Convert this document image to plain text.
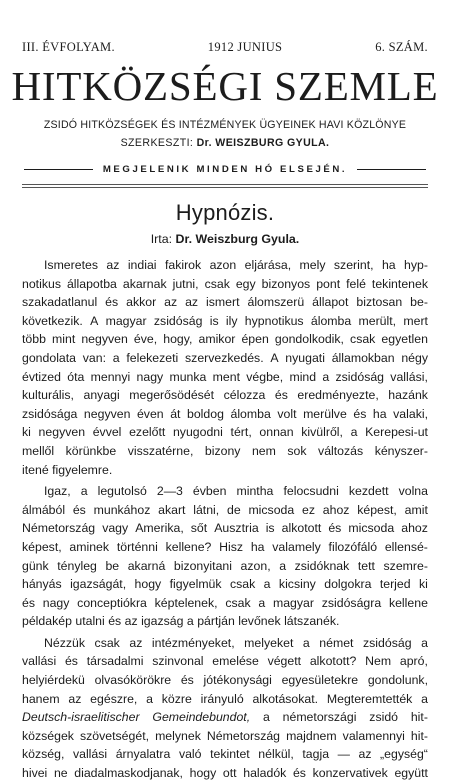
III. ÉVFOLYAM.	1912 JUNIUS	6. SZÁM.
HITKÖZSÉGI SZEMLE
ZSIDÓ HITKÖZSÉGEK ÉS INTÉZMÉNYEK ÜGYEINEK HAVI KÖZLÖNYE
SZERKESZTI: Dr. WEISZBURG GYULA.
MEGJELENIK MINDEN HÓ ELSEJÉN.
Hypnózis.
Irta: Dr. Weiszburg Gyula.
Ismeretes az indiai fakirok azon eljárása, mely szerint, ha hyp-
notikus állapotba akarnak jutni, csak egy bizonyos pont felé tekintenek
szakadatlanul és akkor az az ismert álomszerü állapot biztosan be-
következik. A magyar zsidóság is ily hypnotikus álomba merült, mert
több mint negyven éve, hogy, amikor épen gondolkodik, csak egyetlen
gondolata van: a felekezeti szervezkedés. A nyugati államokban négy
évtized óta mennyi nagy munka ment végbe, mind a zsidóság vallási,
kulturális, anyagi megerősödését célozza és eredményezte, hazánk
zsidósága negyven éven át boldog álomba volt merülve és ha valaki,
ki negyven évvel ezelőtt nyugodni tért, onnan kivülről, a Kerepesi-ut
mellől körünkbe visszatérne, bizony nem sok változás kényszer-
itené figyelemre.
Igaz, a legutolsó 2—3 évben mintha felocsudni kezdett volna
álmából és munkához akart látni, de micsoda ez ahoz képest, amit
Németország vagy Amerika, sőt Ausztria is alkotott és micsoda ahoz
képest, aminek történni kellene? Hisz ha valamely filozófáló ellensé-
günk tényleg be akarná bizonyitani azon, a zsidóknak tett szemre-
hányás igazságát, hogy figyelmük csak a kicsiny dolgokra terjed ki
és nagy conceptiókra képtelenek, csak a magyar zsidóságra kellene
példakép utalni és az igazság a pártján levőnek látszanék.
Nézzük csak az intézményeket, melyeket a német zsidóság a
vallási és társadalmi szinvonal emelése végett alkotott? Nem apró,
helyiérdekü olvasókörökre és jótékonysági egyesületekre gondolunk,
hanem az egészre, a közre irányuló alkotásokat. Megteremtették a
Deutsch-israelitischer Gemeindebundot, a németországi zsidó hit-
községek szövetségét, melynek Németország majdnem valamennyi hit-
község, vallási árnyalatra való tekintet nélkül, tagja — az „egység“
hivei ne diadalmaskodjanak, hogy ott haladók és konzervativek együtt
